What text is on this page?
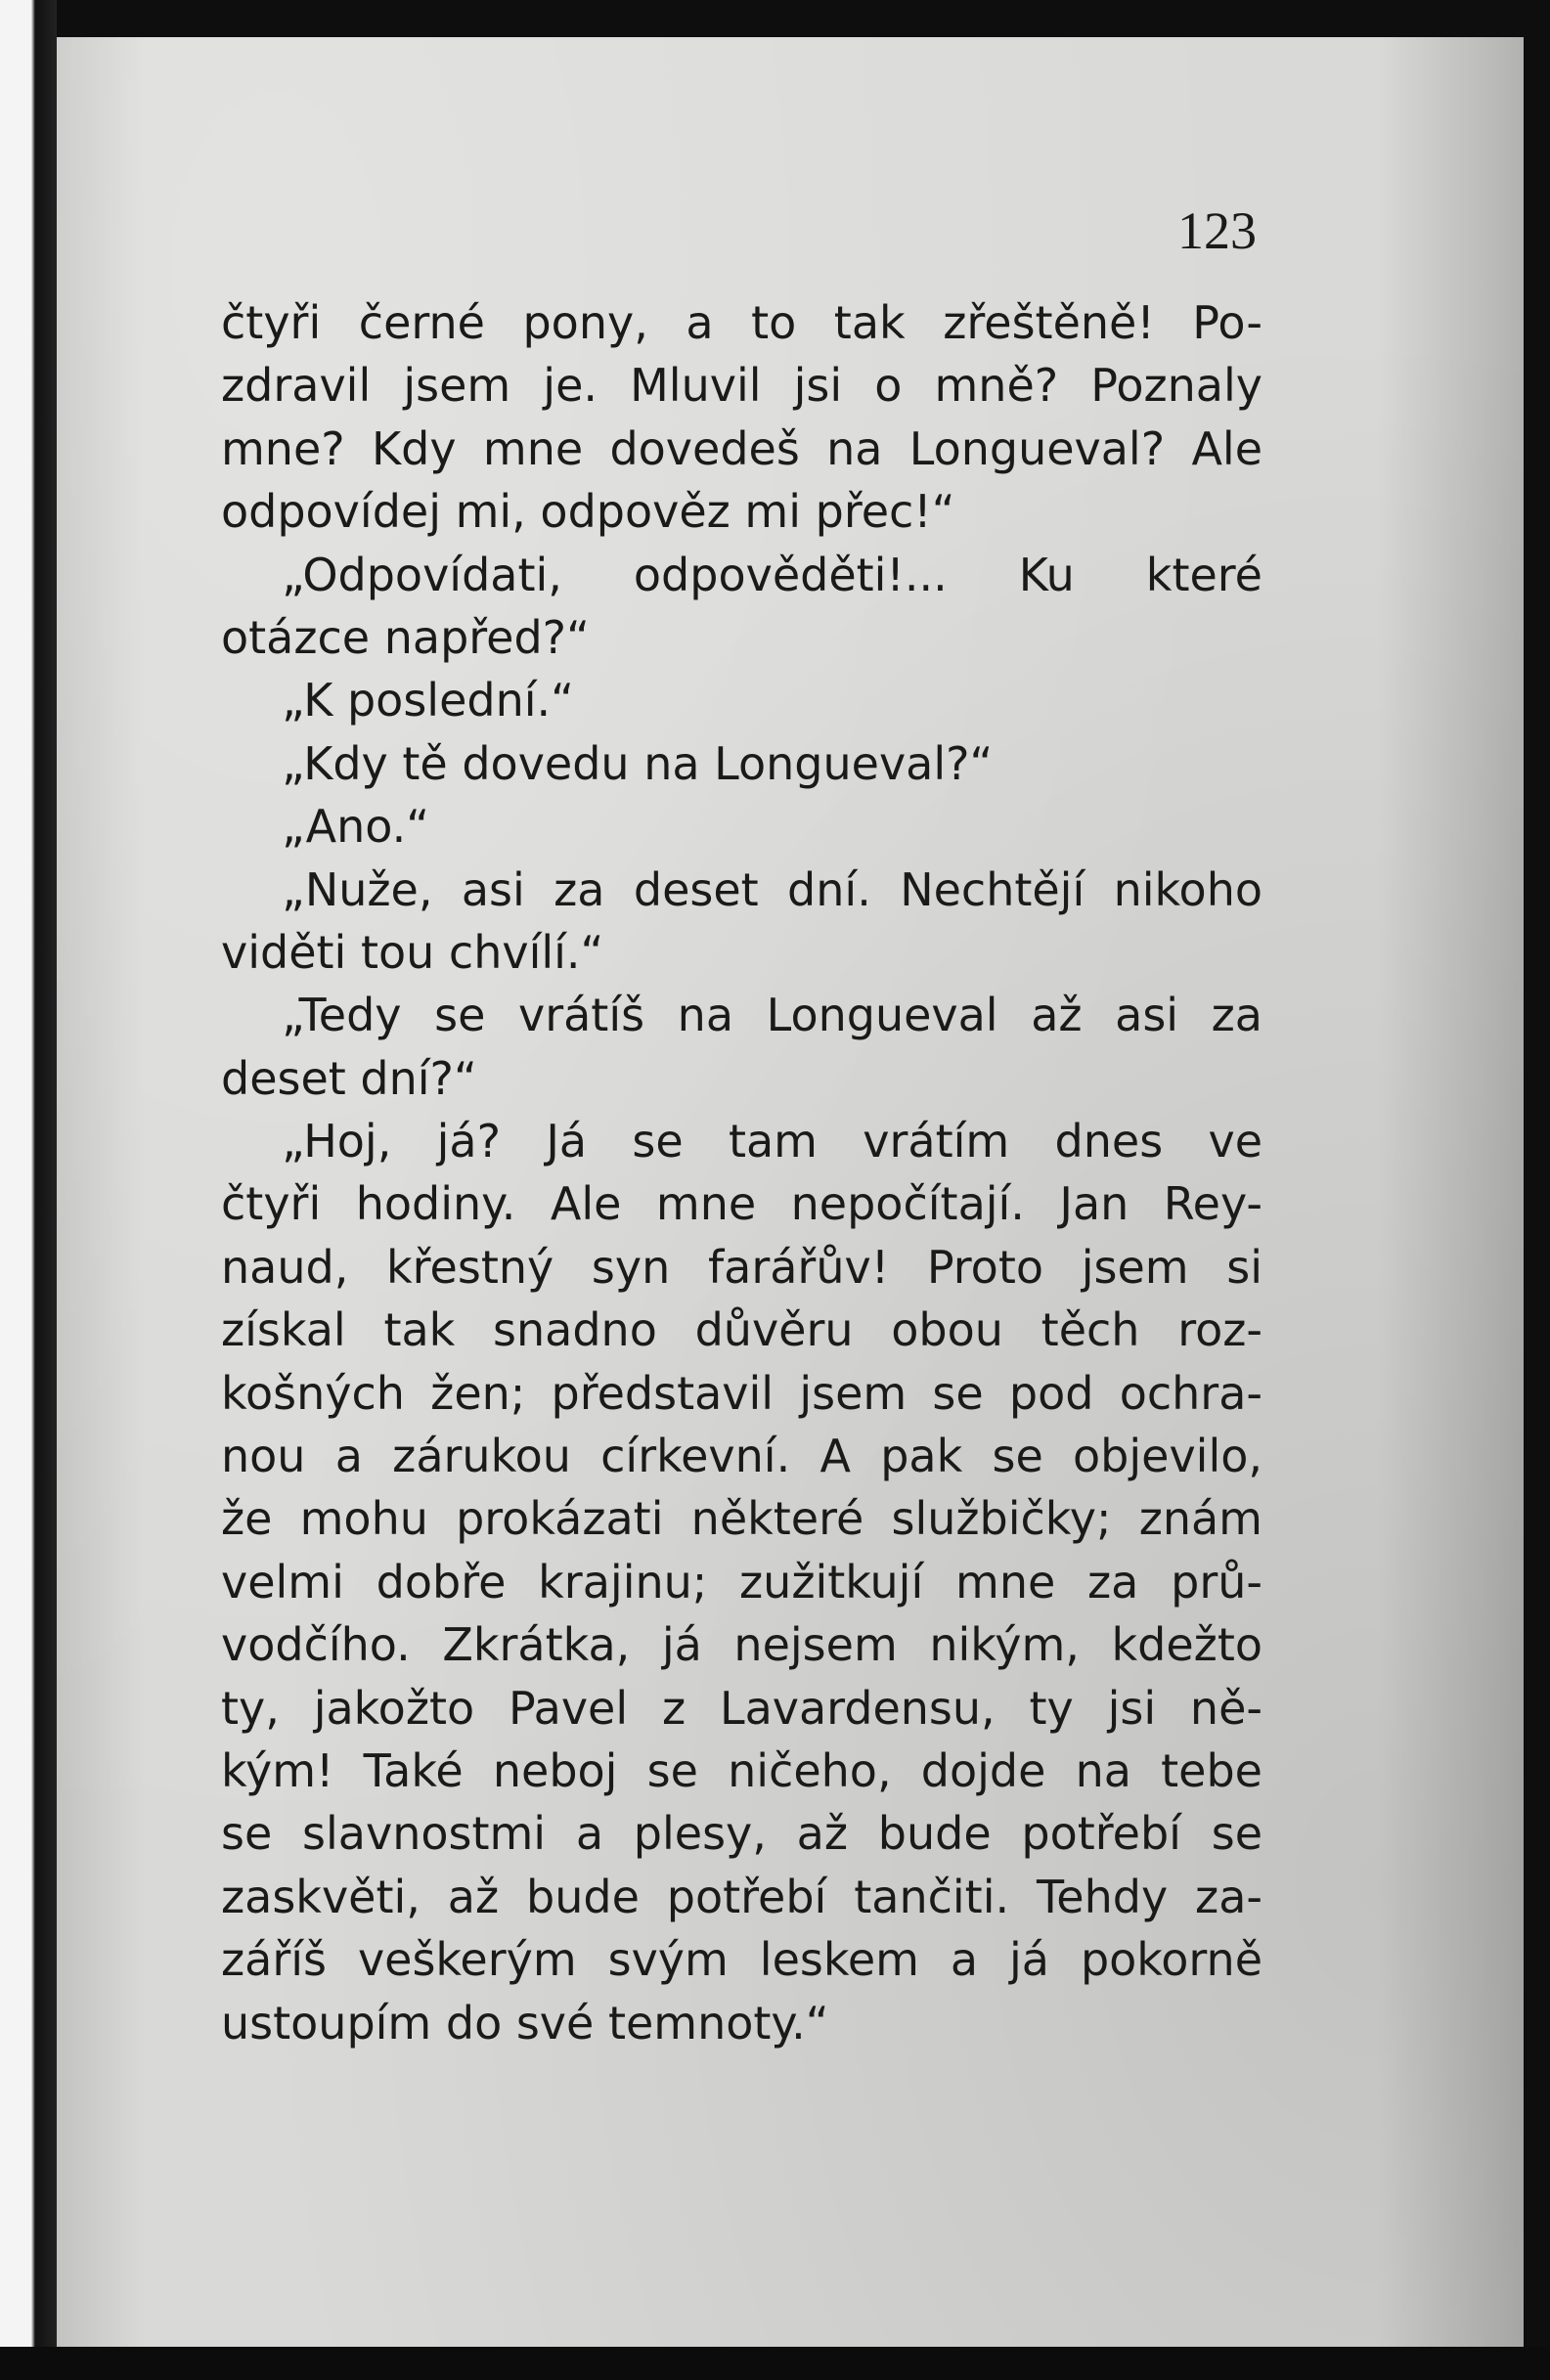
123
čtyři černé pony, a to tak zřeštěně! Po-
zdravil jsem je. Mluvil jsi o mně? Poznaly
mne? Kdy mne dovedeš na Longueval? Ale
odpovídej mi, odpověz mi přec!“
„Odpovídati, odpověděti!... Ku které
otázce napřed?“
„K poslední.“
„Kdy tě dovedu na Longueval?“
„Ano.“
„Nuže, asi za deset dní. Nechtějí nikoho
viděti tou chvílí.“
„Tedy se vrátíš na Longueval až asi za
deset dní?“
„Hoj, já? Já se tam vrátím dnes ve
čtyři hodiny. Ale mne nepočítají. Jan Rey-
naud, křestný syn farářův! Proto jsem si
získal tak snadno důvěru obou těch roz-
košných žen; představil jsem se pod ochra-
nou a zárukou církevní. A pak se objevilo,
že mohu prokázati některé službičky; znám
velmi dobře krajinu; zužitkují mne za prů-
vodčího. Zkrátka, já nejsem nikým, kdežto
ty, jakožto Pavel z Lavardensu, ty jsi ně-
kým! Také neboj se ničeho, dojde na tebe
se slavnostmi a plesy, až bude potřebí se
zaskvěti, až bude potřebí tančiti. Tehdy za-
záříš veškerým svým leskem a já pokorně
ustoupím do své temnoty.“
